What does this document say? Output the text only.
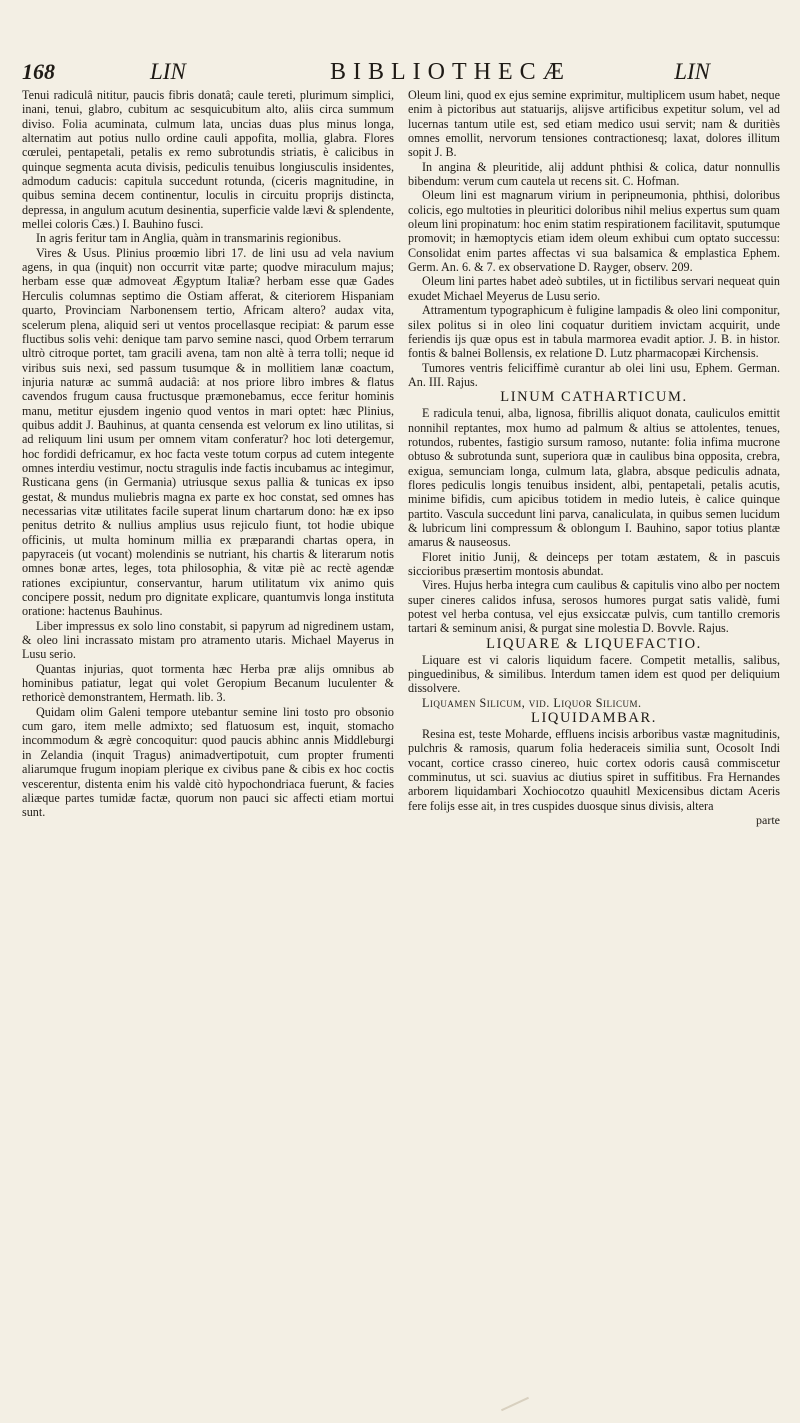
168	LIN	BIBLIOTHECÆ	LIN

Tenui radiculâ nititur, paucis fibris donatâ; caule tereti, plurimum simplici, inani, tenui, glabro, cubitum ac sesquicubitum alto, aliis circa summum diviso. Folia acuminata, culmum lata, uncias duas plus minus longa, alternatim aut potius nullo ordine cauli appofita, mollia, glabra. Flores cœrulei, pentapetali, petalis ex remo subrotundis striatis, è calicibus in quinque segmenta acuta divisis, pediculis tenuibus longiusculis insidentes, admodum caducis: capitula succedunt rotunda, (ciceris magnitudine, in quibus semina decem continentur, loculis in circuitu proprijs distincta, depressa, in angulum acutum desinentia, superficie valde lævi & splendente, mellei coloris Cæs.) I. Bauhino fusci.

In agris feritur tam in Anglia, quàm in transmarinis regionibus.

Vires & Usus. Plinius proœmio libri 17. de lini usu ad vela navium agens, in qua (inquit) non occurrit vitæ parte; quodve miraculum majus; herbam esse quæ admoveat Ægyptum Italiæ? herbam esse quæ Gades Herculis columnas septimo die Ostiam afferat, & citeriorem Hispaniam quarto, Provinciam Narbonensem tertio, Africam altero? audax vita, scelerum plena, aliquid seri ut ventos procellasque recipiat: & parum esse fluctibus solis vehi: denique tam parvo semine nasci, quod Orbem terrarum ultrò citroque portet, tam gracili avena, tam non altè à terra tolli; neque id viribus suis nexi, sed passum tusumque & in mollitiem lanæ coactum, injuria naturæ ac summâ audaciâ: at nos priore libro imbres & flatus cavendos frugum causa fructusque præmonebamus, ecce feritur hominis manu, metitur ejusdem ingenio quod ventos in mari optet: hæc Plinius, quibus addit J. Bauhinus, at quanta censenda est velorum ex lino utilitas, si ad reliquum lini usum per omnem vitam conferatur? hoc loti detergemur, hoc fordidi defricamur, ex hoc facta veste totum corpus ad cutem integente omnes interdiu vestimur, noctu stragulis inde factis incubamus ac integimur, Rusticana gens (in Germania) utriusque sexus pallia & tunicas ex ipso gestat, & mundus muliebris magna ex parte ex hoc constat, sed omnes has necessarias vitæ utilitates facile superat linum chartarum dono: hæ ex ipso penitus detrito & nullius amplius usus rejiculo fiunt, tot hodie ubique officinis, ut multa hominum millia ex præparandi chartas opera, in papyraceis (ut vocant) molendinis se nutriant, his chartis & literarum notis omnes bonæ artes, leges, tota philosophia, & vitæ piè ac rectè agendæ rationes excipiuntur, conservantur, harum utilitatum vix animo quis concipere possit, nedum pro dignitate explicare, quantumvis longa institutа oratione: hactenus Bauhinus.

Liber impressus ex solo lino constabit, si papyrum ad nigredinem ustam, & oleo lini incrassato mistam pro atramento utaris. Michael Mayerus in Lusu serio.

Quantas injurias, quot tormenta hæc Herba præ alijs omnibus ab hominibus patiatur, legat qui volet Geropium Becanum luculenter & rethoricè demonstrantem, Hermath. lib. 3.

Quidam olim Galeni tempore utebantur semine lini tosto pro obsonio cum garo, item melle admixto; sed flatuosum est, inquit, stomacho incommodum & ægrè concoquitur: quod paucis abhinc annis Middleburgi in Zelandia (inquit Tragus) animadvertipotuit, cum propter frumenti aliarumque frugum inopiam plerique ex civibus pane & cibis ex hoc coctis vescerentur, distenta enim his valdè citò hypochondriaca fuerunt, & facies aliæque partes tumidæ factæ, quorum non pauci sic affecti etiam mortui sunt.

Oleum lini, quod ex ejus semine exprimitur, multiplicem usum habet, neque enim à pictoribus aut statuarijs, alijsve artificibus expetitur solum, vel ad lucernas tantum utile est, sed etiam medico usui servit; nam & duritiès omnes emollit, nervorum tensiones contractionesq; laxat, dolores illitum sopit J. B.

In angina & pleuritide, alij addunt phthisi & colica, datur nonnullis bibendum: verum cum cautela ut recens sit. C. Hofman.

Oleum lini est magnarum virium in peripneumonia, phthisi, doloribus colicis, ego multoties in pleuritici doloribus nihil melius expertus sum quam oleum lini propinatum: hoc enim statim respirationem facilitavit, sputumque promovit; in hæmoptycis etiam idem oleum exhibui cum optato successu: Consolidat enim partes affectas vi sua balsamica & emplastica Ephem. Germ. An. 6. & 7. ex observatione D. Rayger, observ. 209.

Oleum lini partes habet adeò subtiles, ut in fictilibus servari nequeat quin exudet Michael Meyerus de Lusu serio.

Attramentum typographicum è fuligine lampadis & oleo lini componitur, silex politus si in oleo lini coquatur duritiem invictam acquirit, unde feriendis ijs quæ opus est in tabula marmorea evadit aptior. J. B. in histor. fontis & balnei Bollensis, ex relatione D. Lutz pharmacopæi Kirchensis.

Tumores ventris feliciffimè curantur ab olei lini usu, Ephem. German. An. III. Rajus.

LINUM CATHARTICUM.

E radicula tenui, alba, lignosa, fibrillis aliquot donata, cauliculos emittit nonnihil reptantes, mox humo ad palmum & altius se attolentes, tenues, rotundos, rubentes, fastigio sursum ramoso, nutante: folia infima mucrone obtuso & subrotunda sunt, superiora quæ in caulibus bina opposita, crebra, exigua, semunciam longa, culmum lata, glabra, absque pediculis adnata, flores pediculis longis tenuibus insident, albi, pentapetali, petalis acutis, minime bifidis, cum apicibus totidem in medio luteis, è calice quinque partito. Vascula succedunt lini parva, canaliculata, in quibus semen lucidum & lubricum lini compressum & oblongum I. Bauhino, sapor totius plantæ amarus & nauseosus.

Floret initio Junij, & deinceps per totam æstatem, & in pascuis siccioribus præsertim montosis abundat.

Vires. Hujus herba integra cum caulibus & capitulis vino albo per noctem super cineres calidos infusa, serosos humores purgat satis validè, fumi potest vel herba contusa, vel ejus exsiccatæ pulvis, cum tantillo cremoris tartari & seminum anisi, & purgat sine molestia D. Bovvle. Rajus.

LIQUARE & LIQUEFACTIO.

Liquare est vi caloris liquidum facere. Competit metallis, salibus, pinguedinibus, & similibus. Interdum tamen idem est quod per deliquium dissolvere.

Liquamen Silicum, vid. Liquor Silicum.

LIQUIDAMBAR.

Resina est, teste Moharde, effluens incisis arboribus vastæ magnitudinis, pulchris & ramosis, quarum folia hederaceis similia sunt, Ocosolt Indi vocant, cortice crasso cinereo, huic cortex odoris causâ commiscetur comminutus, ut sci. suavius ac diutius spiret in suffitibus. Fra Hernandes arborem liquidambari Xochiocotzo quauhitl Mexicensibus dictam Aceris fere folijs esse ait, in tres cuspides duosque sinus divisis, altera

parte
